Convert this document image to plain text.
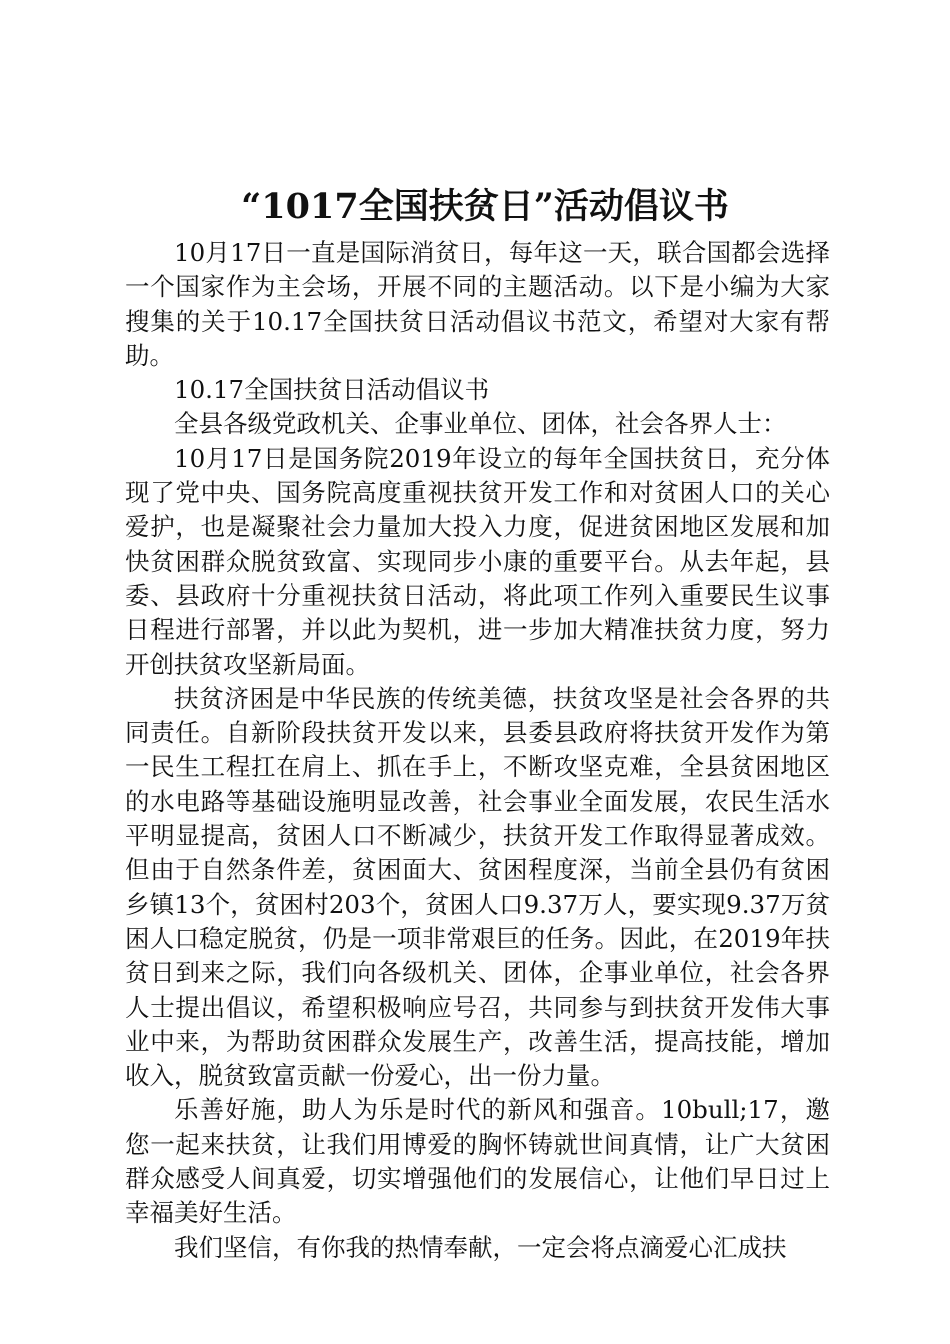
“1017全国扶贫日”活动倡议书

10月17日一直是国际消贫日，每年这一天，联合国都会选择一个国家作为主会场，开展不同的主题活动。以下是小编为大家搜集的关于10.17全国扶贫日活动倡议书范文，希望对大家有帮助。

10.17全国扶贫日活动倡议书

全县各级党政机关、企事业单位、团体，社会各界人士：

10月17日是国务院2019年设立的每年全国扶贫日，充分体现了党中央、国务院高度重视扶贫开发工作和对贫困人口的关心爱护，也是凝聚社会力量加大投入力度，促进贫困地区发展和加快贫困群众脱贫致富、实现同步小康的重要平台。从去年起，县委、县政府十分重视扶贫日活动，将此项工作列入重要民生议事日程进行部署，并以此为契机，进一步加大精准扶贫力度，努力开创扶贫攻坚新局面。

扶贫济困是中华民族的传统美德，扶贫攻坚是社会各界的共同责任。自新阶段扶贫开发以来，县委县政府将扶贫开发作为第一民生工程扛在肩上、抓在手上，不断攻坚克难，全县贫困地区的水电路等基础设施明显改善，社会事业全面发展，农民生活水平明显提高，贫困人口不断减少，扶贫开发工作取得显著成效。但由于自然条件差，贫困面大、贫困程度深，当前全县仍有贫困乡镇13个，贫困村203个，贫困人口9.37万人，要实现9.37万贫困人口稳定脱贫，仍是一项非常艰巨的任务。因此，在2019年扶贫日到来之际，我们向各级机关、团体，企事业单位，社会各界人士提出倡议，希望积极响应号召，共同参与到扶贫开发伟大事业中来，为帮助贫困群众发展生产，改善生活，提高技能，增加收入，脱贫致富贡献一份爱心，出一份力量。

乐善好施，助人为乐是时代的新风和强音。10bull;17，邀您一起来扶贫，让我们用博爱的胸怀铸就世间真情，让广大贫困群众感受人间真爱，切实增强他们的发展信心，让他们早日过上幸福美好生活。

我们坚信，有你我的热情奉献，一定会将点滴爱心汇成扶
